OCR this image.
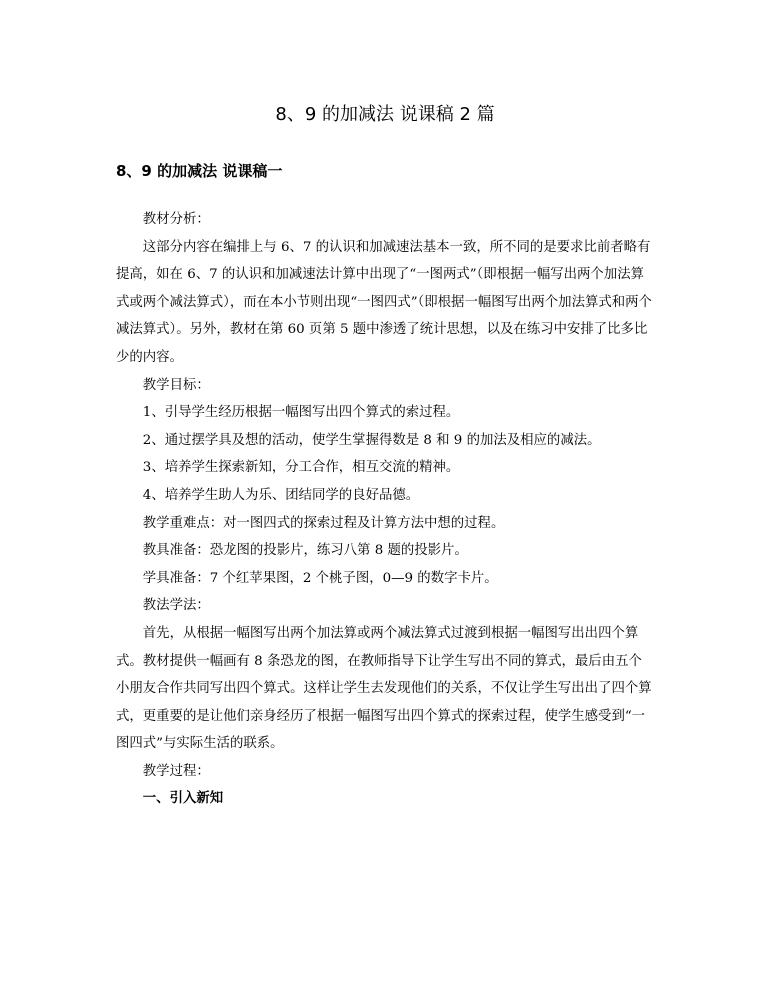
8、9 的加减法 说课稿 2 篇
8、9 的加减法 说课稿一

教材分析：

这部分内容在编排上与 6、7 的认识和加减速法基本一致，所不同的是要求比前者略有提高，如在 6、7 的认识和加减速法计算中出现了“一图两式”（即根据一幅写出两个加法算式或两个减法算式），而在本小节则出现“一图四式”（即根据一幅图写出两个加法算式和两个减法算式）。另外，教材在第 60 页第 5 题中渗透了统计思想，以及在练习中安排了比多比少的内容。

教学目标：

1、引导学生经历根据一幅图写出四个算式的索过程。

2、通过摆学具及想的活动，使学生掌握得数是 8 和 9 的加法及相应的减法。

3、培养学生探索新知，分工合作，相互交流的精神。

4、培养学生助人为乐、团结同学的良好品德。

教学重难点：对一图四式的探索过程及计算方法中想的过程。

教具准备：恐龙图的投影片，练习八第 8 题的投影片。

学具准备：7 个红苹果图，2 个桃子图，0—9 的数字卡片。

教法学法：

首先，从根据一幅图写出两个加法算或两个减法算式过渡到根据一幅图写出出四个算式。教材提供一幅画有 8 条恐龙的图，在教师指导下让学生写出不同的算式，最后由五个小朋友合作共同写出四个算式。这样让学生去发现他们的关系，不仅让学生写出出了四个算式，更重要的是让他们亲身经历了根据一幅图写出四个算式的探索过程，使学生感受到“一图四式”与实际生活的联系。

教学过程：

一、引入新知
